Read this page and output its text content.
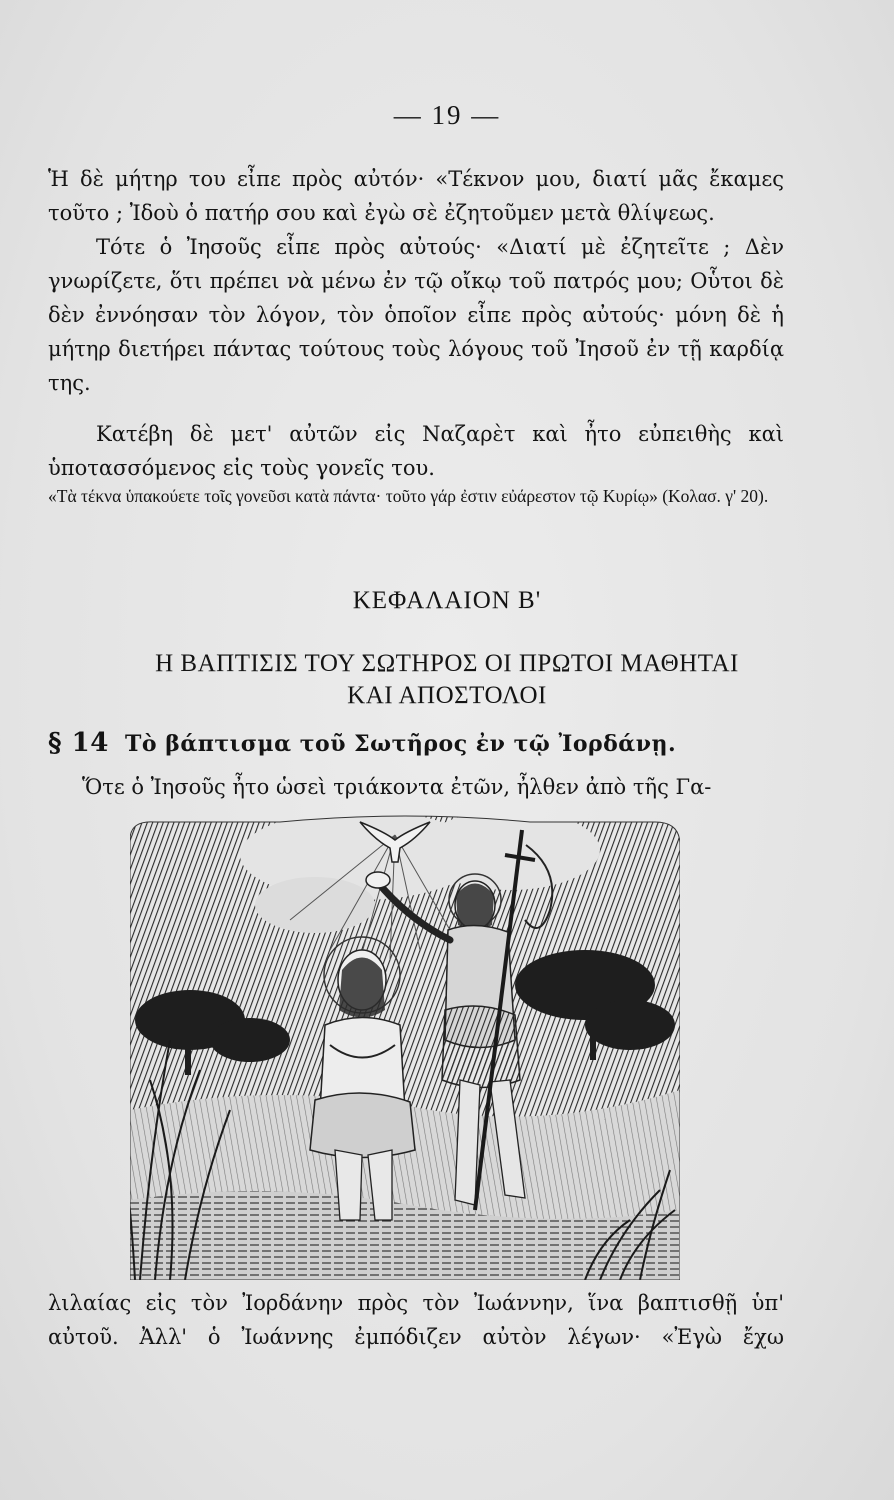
— 19 —

Ἡ δὲ μήτηρ του εἶπε πρὸς αὐτόν· «Τέκνον μου, διατί μᾶς ἔκαμες τοῦτο ; Ἰδοὺ ὁ πατήρ σου καὶ ἐγὼ σὲ ἐζητοῦμεν μετὰ θλίψεως.

Τότε ὁ Ἰησοῦς εἶπε πρὸς αὐτούς· «Διατί μὲ ἐζητεῖτε ; Δὲν γνωρίζετε, ὅτι πρέπει νὰ μένω ἐν τῷ οἴκῳ τοῦ πατρός μου; Οὗτοι δὲ δὲν ἐννόησαν τὸν λόγον, τὸν ὁποῖον εἶπε πρὸς αὐτούς· μόνη δὲ ἡ μήτηρ διετήρει πάντας τούτους τοὺς λόγους τοῦ Ἰησοῦ ἐν τῇ καρδίᾳ της.

Κατέβη δὲ μετ' αὐτῶν εἰς Ναζαρὲτ καὶ ἦτο εὐπειθὴς καὶ ὑποτασσόμενος εἰς τοὺς γονεῖς του.

«Τὰ τέκνα ὑπακούετε τοῖς γονεῦσι κατὰ πάντα· τοῦτο γάρ ἐστιν εὐάρεστον τῷ Κυρίῳ» (Κολασ. γ' 20).
ΚΕΦΑΛΑΙΟΝ Β'
Η ΒΑΠΤΙΣΙΣ ΤΟΥ ΣΩΤΗΡΟΣ ΟΙ ΠΡΩΤΟΙ ΜΑΘΗΤΑΙ
ΚΑΙ ΑΠΟΣΤΟΛΟΙ
§ 14 Τὸ βάπτισμα τοῦ Σωτῆρος ἐν τῷ Ἰορδάνῃ.
Ὅτε ὁ Ἰησοῦς ἦτο ὡσεὶ τριάκοντα ἐτῶν, ἦλθεν ἀπὸ τῆς Γα-
λιλαίας εἰς τὸν Ἰορδάνην πρὸς τὸν Ἰωάννην, ἵνα βαπτισθῇ ὑπ'
αὐτοῦ. Ἀλλ' ὁ Ἰωάννης ἐμπόδιζεν αὐτὸν λέγων· «Ἐγὼ ἔχω
